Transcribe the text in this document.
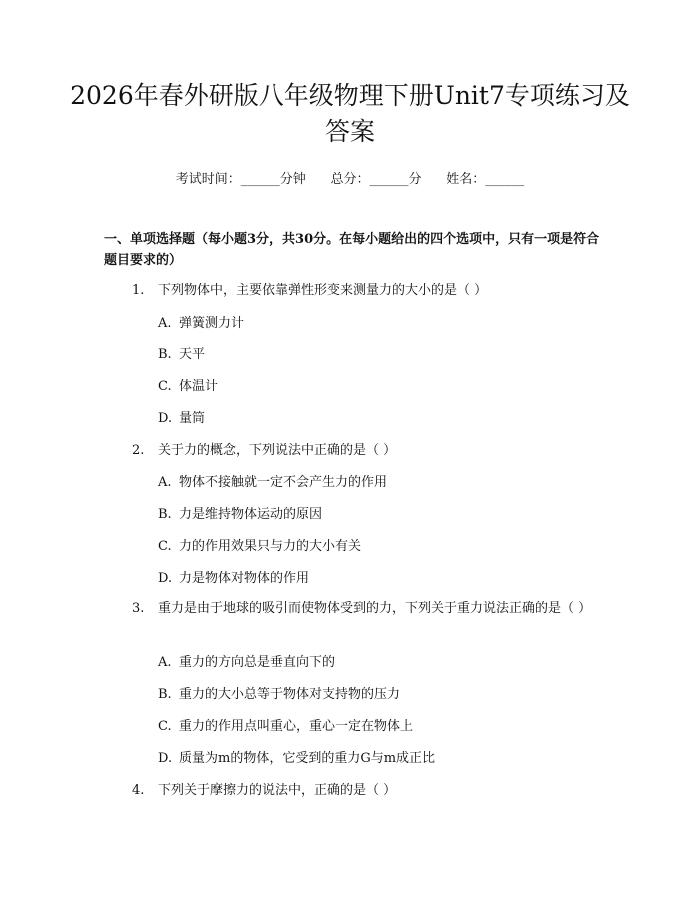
2026年春外研版八年级物理下册Unit7专项练习及答案
考试时间：______分钟      总分：______分      姓名：______

一、单项选择题（每小题3分，共30分。在每小题给出的四个选项中，只有一项是符合题目要求的）

1. 下列物体中，主要依靠弹性形变来测量力的大小的是（ ）

A. 弹簧测力计

B. 天平

C. 体温计

D. 量筒

2. 关于力的概念，下列说法中正确的是（ ）

A. 物体不接触就一定不会产生力的作用

B. 力是维持物体运动的原因

C. 力的作用效果只与力的大小有关

D. 力是物体对物体的作用

3. 重力是由于地球的吸引而使物体受到的力，下列关于重力说法正确的是（ ）

A. 重力的方向总是垂直向下的

B. 重力的大小总等于物体对支持物的压力

C. 重力的作用点叫重心，重心一定在物体上

D. 质量为m的物体，它受到的重力G与m成正比

4. 下列关于摩擦力的说法中，正确的是（ ）
